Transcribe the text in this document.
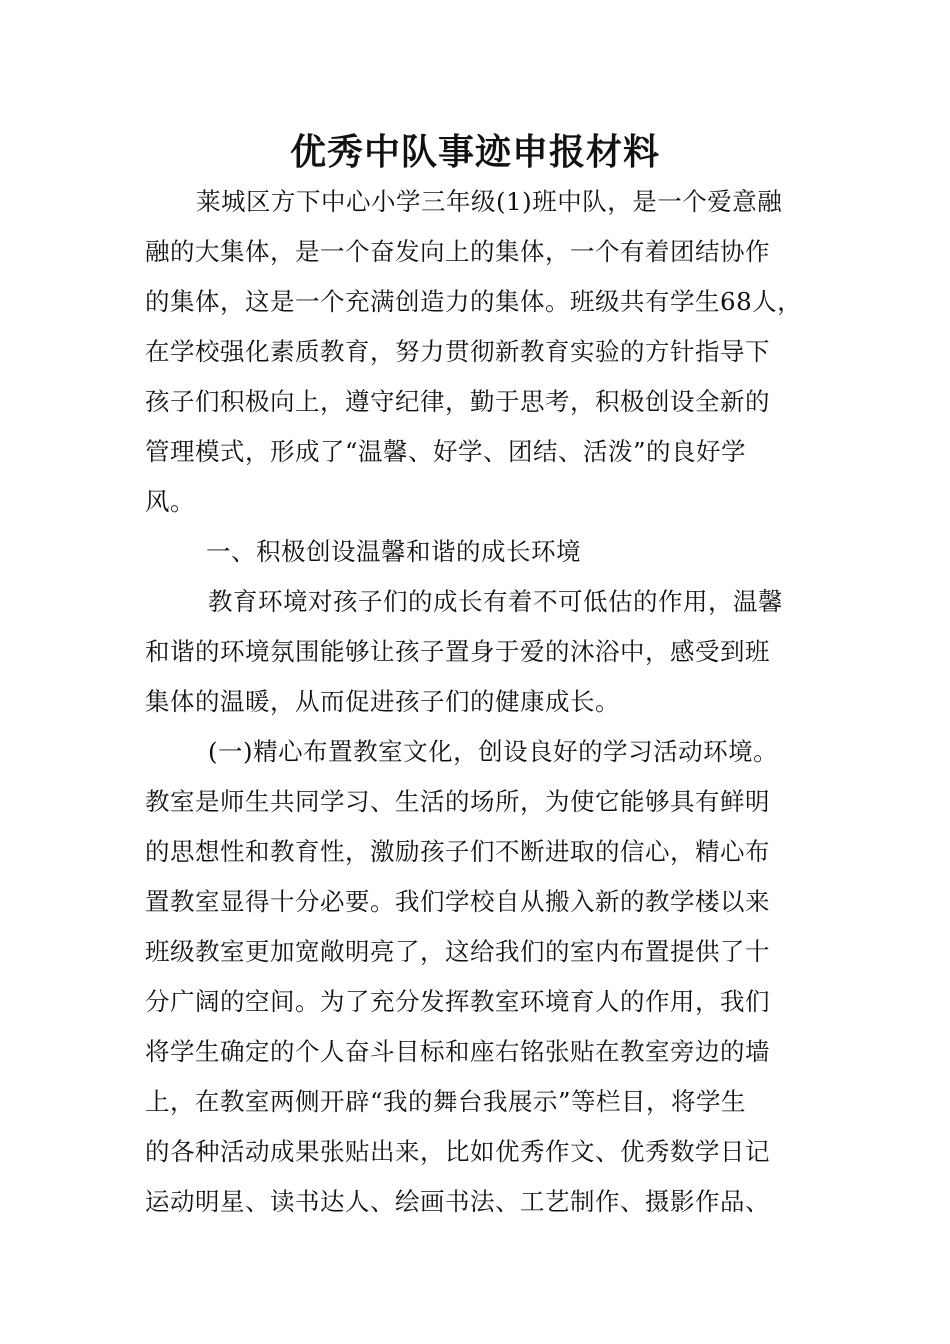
优秀中队事迹申报材料
莱城区方下中心小学三年级(1)班中队，是一个爱意融
融的大集体，是一个奋发向上的集体，一个有着团结协作
的集体，这是一个充满创造力的集体。班级共有学生68人，
在学校强化素质教育，努力贯彻新教育实验的方针指导下
孩子们积极向上，遵守纪律，勤于思考，积极创设全新的
管理模式，形成了“温馨、好学、团结、活泼”的良好学
风。
一、积极创设温馨和谐的成长环境
教育环境对孩子们的成长有着不可低估的作用，温馨
和谐的环境氛围能够让孩子置身于爱的沐浴中，感受到班
集体的温暖，从而促进孩子们的健康成长。
(一)精心布置教室文化，创设良好的学习活动环境。
教室是师生共同学习、生活的场所，为使它能够具有鲜明
的思想性和教育性，激励孩子们不断进取的信心，精心布
置教室显得十分必要。我们学校自从搬入新的教学楼以来
班级教室更加宽敞明亮了，这给我们的室内布置提供了十
分广阔的空间。为了充分发挥教室环境育人的作用，我们
将学生确定的个人奋斗目标和座右铭张贴在教室旁边的墙
上，在教室两侧开辟“我的舞台我展示”等栏目，将学生
的各种活动成果张贴出来，比如优秀作文、优秀数学日记
运动明星、读书达人、绘画书法、工艺制作、摄影作品、
